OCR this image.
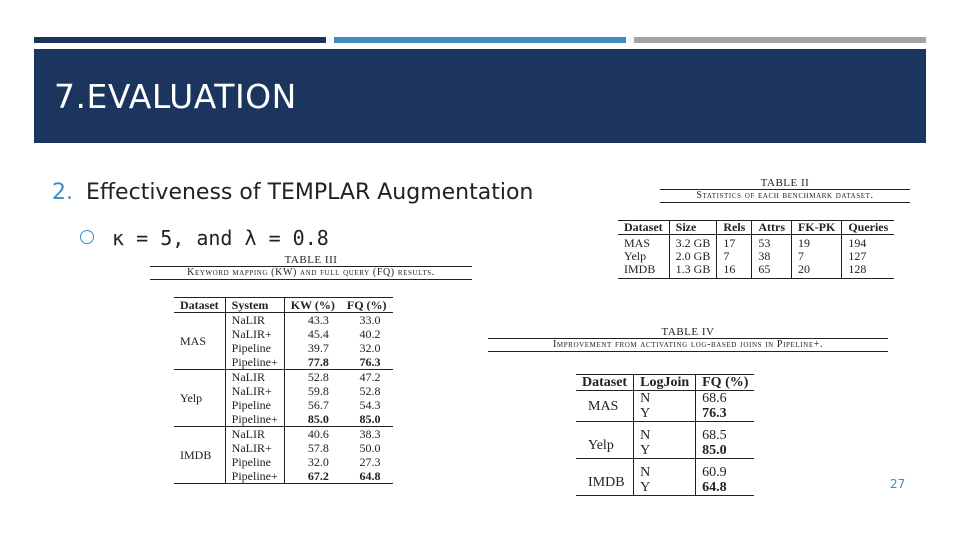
7.EVALUATION
2. Effectiveness of TEMPLAR Augmentation
κ = 5, and λ = 0.8
TABLE III
Keyword mapping (KW) and full query (FQ) results.
Dataset	System	KW (%)	FQ (%)
MAS	NaLIR	43.3	33.0
	NaLIR+	45.4	40.2
	Pipeline	39.7	32.0
	Pipeline+	77.8	76.3
Yelp	NaLIR	52.8	47.2
	NaLIR+	59.8	52.8
	Pipeline	56.7	54.3
	Pipeline+	85.0	85.0
IMDB	NaLIR	40.6	38.3
	NaLIR+	57.8	50.0
	Pipeline	32.0	27.3
	Pipeline+	67.2	64.8
TABLE II
Statistics of each benchmark dataset.
Dataset	Size	Rels	Attrs	FK-PK	Queries
MAS	3.2 GB	17	53	19	194
Yelp	2.0 GB	7	38	7	127
IMDB	1.3 GB	16	65	20	128
TABLE IV
Improvement from activating log-based joins in Pipeline+.
Dataset	LogJoin	FQ (%)
MAS	N	68.6
	Y	76.3
Yelp	N	68.5
	Y	85.0
IMDB	N	60.9
	Y	64.8	27
